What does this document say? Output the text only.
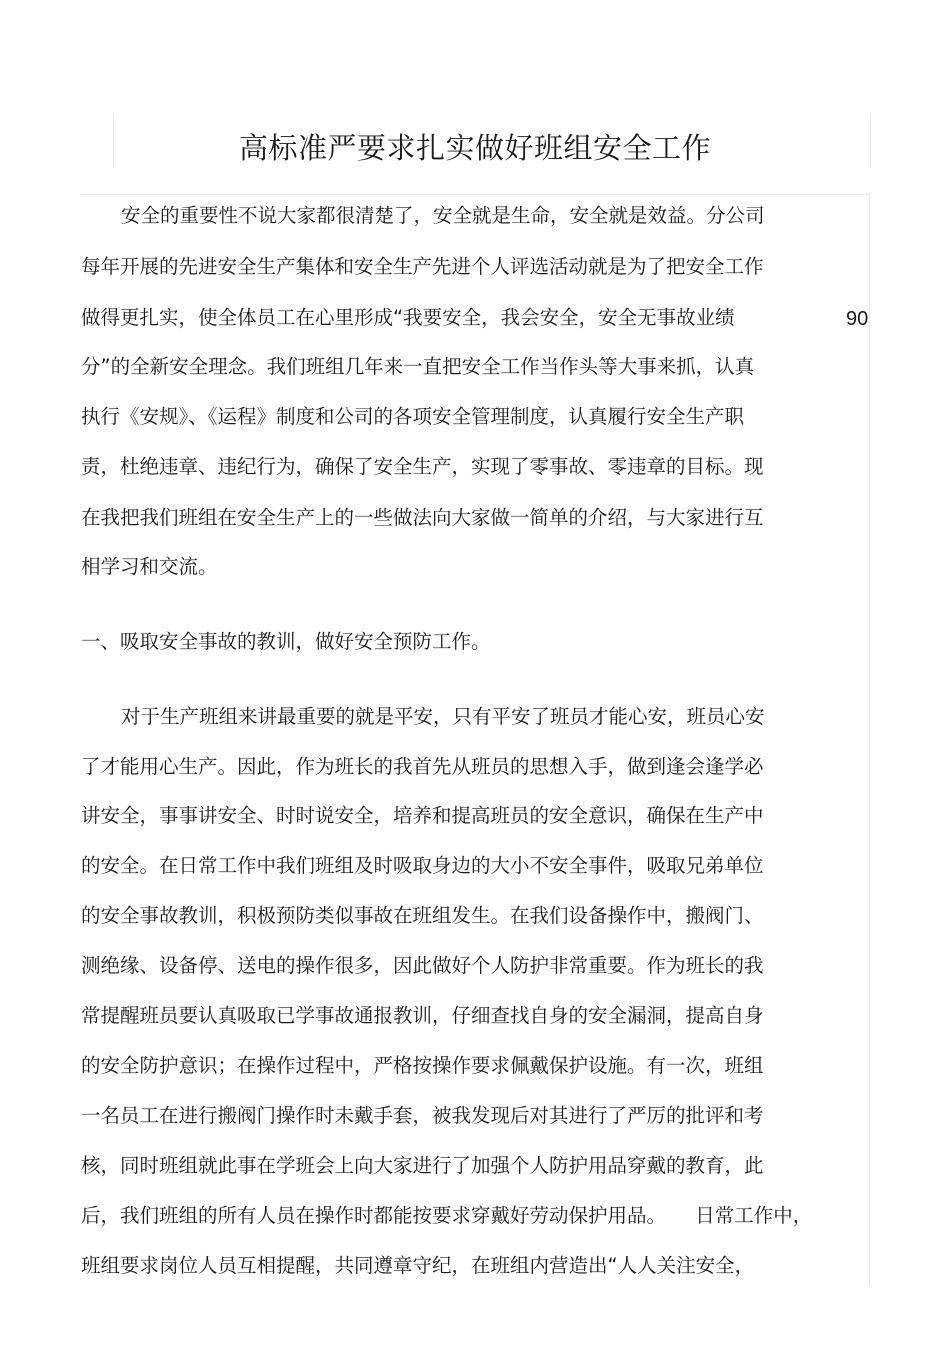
高标准严要求扎实做好班组安全工作
90
安全的重要性不说大家都很清楚了，安全就是生命，安全就是效益。分公司
每年开展的先进安全生产集体和安全生产先进个人评选活动就是为了把安全工作
做得更扎实，使全体员工在心里形成“我要安全，我会安全，安全无事故业绩
分”的全新安全理念。我们班组几年来一直把安全工作当作头等大事来抓，认真
执行《安规》、《运程》制度和公司的各项安全管理制度，认真履行安全生产职
责，杜绝违章、违纪行为，确保了安全生产，实现了零事故、零违章的目标。现
在我把我们班组在安全生产上的一些做法向大家做一简单的介绍，与大家进行互
相学习和交流。
一、吸取安全事故的教训，做好安全预防工作。
对于生产班组来讲最重要的就是平安，只有平安了班员才能心安，班员心安
了才能用心生产。因此，作为班长的我首先从班员的思想入手，做到逢会逢学必
讲安全，事事讲安全、时时说安全，培养和提高班员的安全意识，确保在生产中
的安全。在日常工作中我们班组及时吸取身边的大小不安全事件，吸取兄弟单位
的安全事故教训，积极预防类似事故在班组发生。在我们设备操作中，搬阀门、
测绝缘、设备停、送电的操作很多，因此做好个人防护非常重要。作为班长的我
常提醒班员要认真吸取已学事故通报教训，仔细查找自身的安全漏洞，提高自身
的安全防护意识；在操作过程中，严格按操作要求佩戴保护设施。有一次，班组
一名员工在进行搬阀门操作时未戴手套，被我发现后对其进行了严厉的批评和考
核，同时班组就此事在学班会上向大家进行了加强个人防护用品穿戴的教育，此
后，我们班组的所有人员在操作时都能按要求穿戴好劳动保护用品。　　日常工作中，
班组要求岗位人员互相提醒，共同遵章守纪，在班组内营造出“人人关注安全，
